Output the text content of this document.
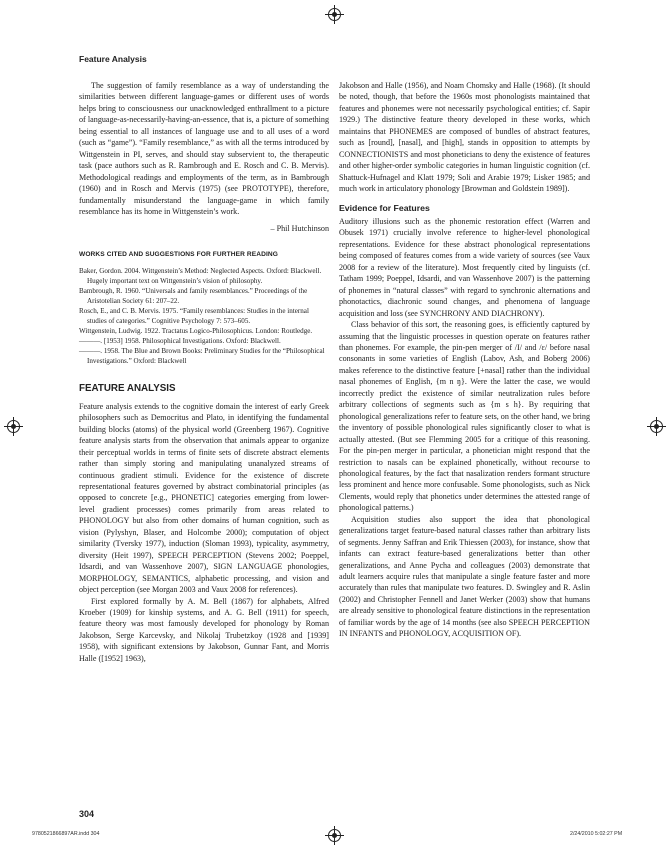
Feature Analysis

The suggestion of family resemblance as a way of understanding the similarities between different language-games or different uses of words helps bring to consciousness our unacknowledged enthrallment to a picture of language-as-necessarily-having-an-essence, that is, a picture of something being essential to all instances of language use and to all uses of a word (such as “game”). “Family resemblance,” as with all the terms introduced by Wittgenstein in PI, serves, and should stay subservient to, the therapeutic task (pace authors such as R. Rambrough and E. Rosch and C. B. Mervis). Methodological readings and employments of the term, as in Bambrough (1960) and in Rosch and Mervis (1975) (see PROTOTYPE), therefore, fundamentally misunderstand the language-game in which family resemblance has its home in Wittgenstein’s work.

– Phil Hutchinson

WORKS CITED AND SUGGESTIONS FOR FURTHER READING

Baker, Gordon. 2004. Wittgenstein’s Method: Neglected Aspects. Oxford: Blackwell. Hugely important text on Wittgenstein’s vision of philosophy.

Bambrough, R. 1960. “Universals and family resemblances.” Proceedings of the Aristotelian Society 61: 207–22.

Rosch, E., and C. B. Mervis. 1975. “Family resemblances: Studies in the internal studies of categories.” Cognitive Psychology 7: 573–605.

Wittgenstein, Ludwig. 1922. Tractatus Logico-Philosophicus. London: Routledge.

———. [1953] 1958. Philosophical Investigations. Oxford: Blackwell.

———. 1958. The Blue and Brown Books: Preliminary Studies for the “Philosophical Investigations.” Oxford: Blackwell

FEATURE ANALYSIS

Feature analysis extends to the cognitive domain the interest of early Greek philosophers such as Democritus and Plato, in identifying the fundamental building blocks (atoms) of the physical world (Greenberg 1967). Cognitive feature analysis starts from the observation that animals appear to organize their perceptual worlds in terms of finite sets of discrete abstract elements rather than simply storing and manipulating unanalyzed streams of continuous gradient stimuli. Evidence for the existence of discrete representational features governed by abstract combinatorial principles (as opposed to concrete [e.g., PHONETIC] categories emerging from lower-level gradient processes) comes primarily from areas related to PHONOLOGY but also from other domains of human cognition, such as vision (Pylyshyn, Blaser, and Holcombe 2000); computation of object similarity (Tversky 1977), induction (Sloman 1993), typicality, asymmetry, diversity (Heit 1997), SPEECH PERCEPTION (Stevens 2002; Poeppel, Idsardi, and van Wassenhove 2007), SIGN LANGUAGE phonologies, MORPHOLOGY, SEMANTICS, alphabetic processing, and vision and object perception (see Morgan 2003 and Vaux 2008 for references).

First explored formally by A. M. Bell (1867) for alphabets, Alfred Kroeber (1909) for kinship systems, and A. G. Bell (1911) for speech, feature theory was most famously developed for phonology by Roman Jakobson, Serge Karcevsky, and Nikolaj Trubetzkoy (1928 and [1939] 1958), with significant extensions by Jakobson, Gunnar Fant, and Morris Halle ([1952] 1963),

Jakobson and Halle (1956), and Noam Chomsky and Halle (1968). (It should be noted, though, that before the 1960s most phonologists maintained that features and phonemes were not necessarily psychological entities; cf. Sapir 1929.) The distinctive feature theory developed in these works, which maintains that PHONEMES are composed of bundles of abstract features, such as [round], [nasal], and [high], stands in opposition to attempts by CONNECTIONISTS and most phoneticians to deny the existence of features and other higher-order symbolic categories in human linguistic cognition (cf. Shattuck-Hufnagel and Klatt 1979; Soli and Arabie 1979; Lisker 1985; and much work in articulatory phonology [Browman and Goldstein 1989]).

Evidence for Features

Auditory illusions such as the phonemic restoration effect (Warren and Obusek 1971) crucially involve reference to higher-level phonological representations. Evidence for these abstract phonological representations being composed of features comes from a wide variety of sources (see Vaux 2008 for a review of the literature). Most frequently cited by linguists (cf. Tatham 1999; Poeppel, Idsardi, and van Wassenhove 2007) is the patterning of phonemes in “natural classes” with regard to synchronic alternations and phonotactics, diachronic sound changes, and phenomena of language acquisition and loss (see SYNCHRONY AND DIACHRONY).

Class behavior of this sort, the reasoning goes, is efficiently captured by assuming that the linguistic processes in question operate on features rather than phonemes. For example, the pin-pen merger of /I/ and /ɛ/ before nasal consonants in some varieties of English (Labov, Ash, and Boberg 2006) makes reference to the distinctive feature [+nasal] rather than the individual nasal phonemes of English, {m n ŋ}. Were the latter the case, we would incorrectly predict the existence of similar neutralization rules before arbitrary collections of segments such as {m s h}. By requiring that phonological generalizations refer to feature sets, on the other hand, we bring the inventory of possible phonological rules significantly closer to what is actually attested. (But see Flemming 2005 for a critique of this reasoning. For the pin-pen merger in particular, a phonetician might respond that the restriction to nasals can be explained phonetically, without recourse to phonological features, by the fact that nasalization renders formant structure less prominent and hence more confusable. Some phonologists, such as Nick Clements, would reply that phonetics under determines the attested range of phonological patterns.)

Acquisition studies also support the idea that phonological generalizations target feature-based natural classes rather than arbitrary lists of segments. Jenny Saffran and Erik Thiessen (2003), for instance, show that infants can extract feature-based generalizations better than other generalizations, and Anne Pycha and colleagues (2003) demonstrate that adult learners acquire rules that manipulate a single feature faster and more accurately than rules that manipulate two features. D. Swingley and R. Aslin (2002) and Christopher Fennell and Janet Werker (2003) show that humans are already sensitive to phonological feature distinctions in the representation of familiar words by the age of 14 months (see also SPEECH PERCEPTION IN INFANTS and PHONOLOGY, ACQUISITION OF).

304
9780521866897AR.indd 304	2/24/2010 5:02:27 PM
